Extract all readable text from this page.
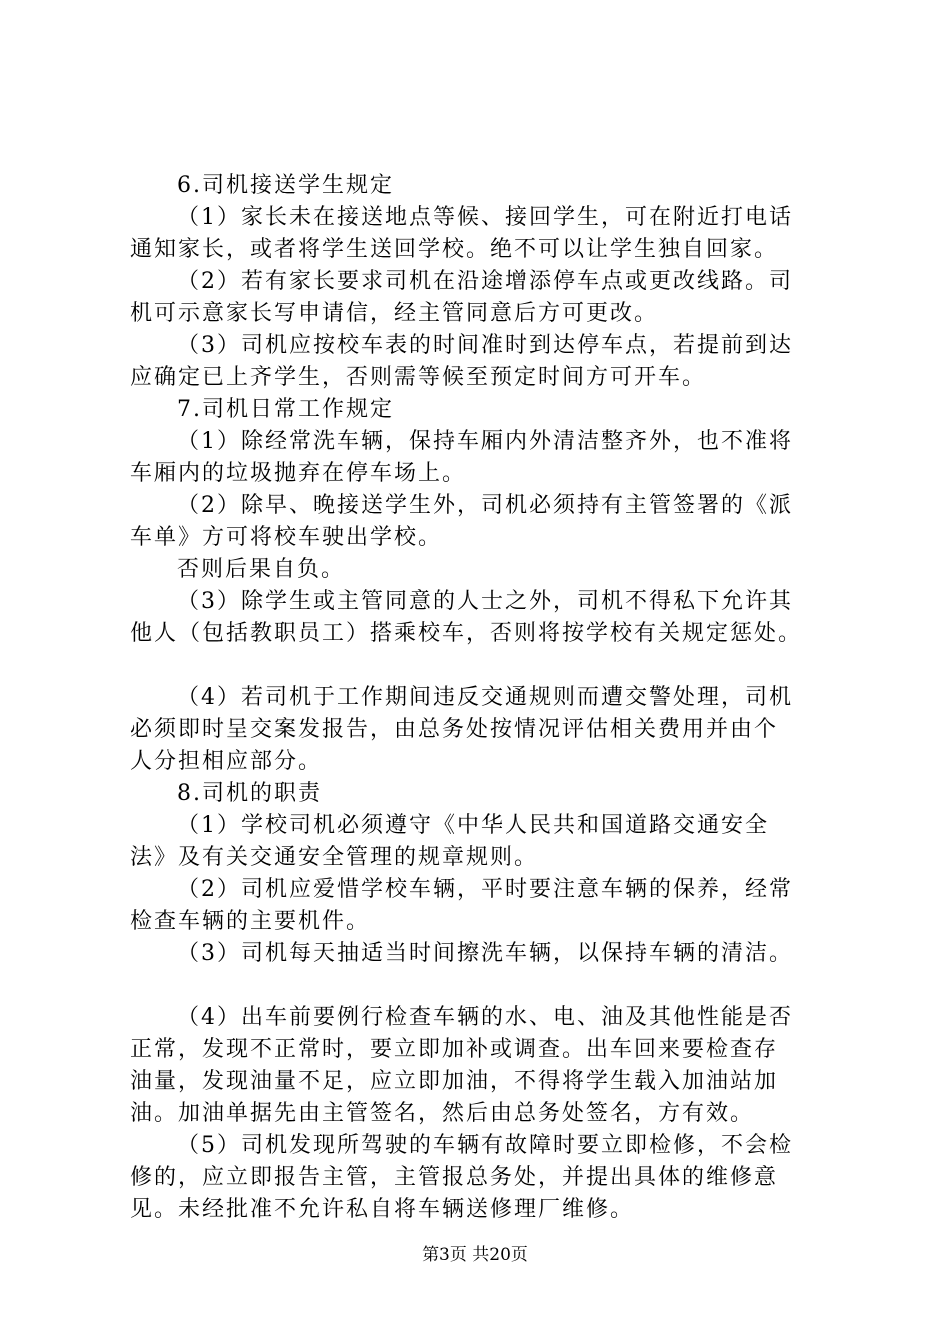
6.司机接送学生规定
（1）家长未在接送地点等候、接回学生，可在附近打电话
通知家长，或者将学生送回学校。绝不可以让学生独自回家。
（2）若有家长要求司机在沿途增添停车点或更改线路。司
机可示意家长写申请信，经主管同意后方可更改。
（3）司机应按校车表的时间准时到达停车点，若提前到达
应确定已上齐学生，否则需等候至预定时间方可开车。
7.司机日常工作规定
（1）除经常洗车辆，保持车厢内外清洁整齐外，也不准将
车厢内的垃圾抛弃在停车场上。
（2）除早、晚接送学生外，司机必须持有主管签署的《派
车单》方可将校车驶出学校。
否则后果自负。
（3）除学生或主管同意的人士之外，司机不得私下允许其
他人（包括教职员工）搭乘校车，否则将按学校有关规定惩处。
（4）若司机于工作期间违反交通规则而遭交警处理，司机
必须即时呈交案发报告，由总务处按情况评估相关费用并由个
人分担相应部分。
8.司机的职责
（1）学校司机必须遵守《中华人民共和国道路交通安全
法》及有关交通安全管理的规章规则。
（2）司机应爱惜学校车辆，平时要注意车辆的保养，经常
检查车辆的主要机件。
（3）司机每天抽适当时间擦洗车辆，以保持车辆的清洁。
（4）出车前要例行检查车辆的水、电、油及其他性能是否
正常，发现不正常时，要立即加补或调查。出车回来要检查存
油量，发现油量不足，应立即加油，不得将学生载入加油站加
油。加油单据先由主管签名，然后由总务处签名，方有效。
（5）司机发现所驾驶的车辆有故障时要立即检修，不会检
修的，应立即报告主管，主管报总务处，并提出具体的维修意
见。未经批准不允许私自将车辆送修理厂维修。
第3页 共20页
